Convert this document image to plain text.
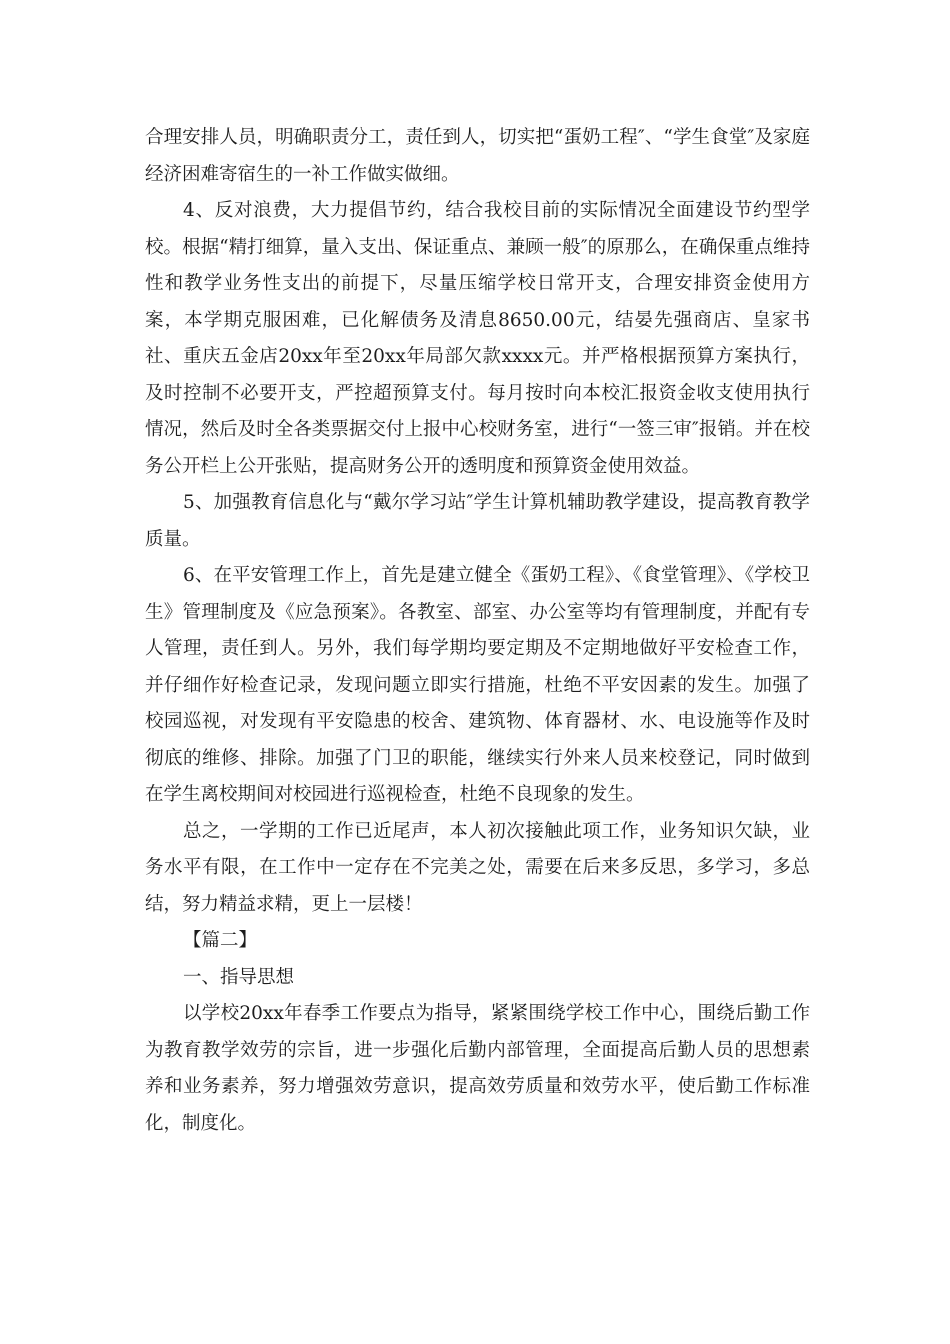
合理安排人员，明确职责分工，责任到人，切实把“蛋奶工程″、“学生食堂″及家庭经济困难寄宿生的一补工作做实做细。

4、反对浪费，大力提倡节约，结合我校目前的实际情况全面建设节约型学校。根据“精打细算，量入支出、保证重点、兼顾一般″的原那么，在确保重点维持性和教学业务性支出的前提下，尽量压缩学校日常开支，合理安排资金使用方案，本学期克服困难，已化解债务及清息8650.00元，结晏先强商店、皇家书社、重庆五金店20xx年至20xx年局部欠款xxxx元。并严格根据预算方案执行，及时控制不必要开支，严控超预算支付。每月按时向本校汇报资金收支使用执行情况，然后及时全各类票据交付上报中心校财务室，进行“一签三审″报销。并在校务公开栏上公开张贴，提高财务公开的透明度和预算资金使用效益。

5、加强教育信息化与“戴尔学习站″学生计算机辅助教学建设，提高教育教学质量。

6、在平安管理工作上，首先是建立健全《蛋奶工程》、《食堂管理》、《学校卫生》管理制度及《应急预案》。各教室、部室、办公室等均有管理制度，并配有专人管理，责任到人。另外，我们每学期均要定期及不定期地做好平安检查工作，并仔细作好检查记录，发现问题立即实行措施，杜绝不平安因素的发生。加强了校园巡视，对发现有平安隐患的校舍、建筑物、体育器材、水、电设施等作及时彻底的维修、排除。加强了门卫的职能，继续实行外来人员来校登记，同时做到在学生离校期间对校园进行巡视检查，杜绝不良现象的发生。

总之，一学期的工作已近尾声，本人初次接触此项工作，业务知识欠缺，业务水平有限，在工作中一定存在不完美之处，需要在后来多反思，多学习，多总结，努力精益求精，更上一层楼！

【篇二】

一、指导思想

以学校20xx年春季工作要点为指导，紧紧围绕学校工作中心，围绕后勤工作为教育教学效劳的宗旨，进一步强化后勤内部管理，全面提高后勤人员的思想素养和业务素养，努力增强效劳意识，提高效劳质量和效劳水平，使后勤工作标准化，制度化。
